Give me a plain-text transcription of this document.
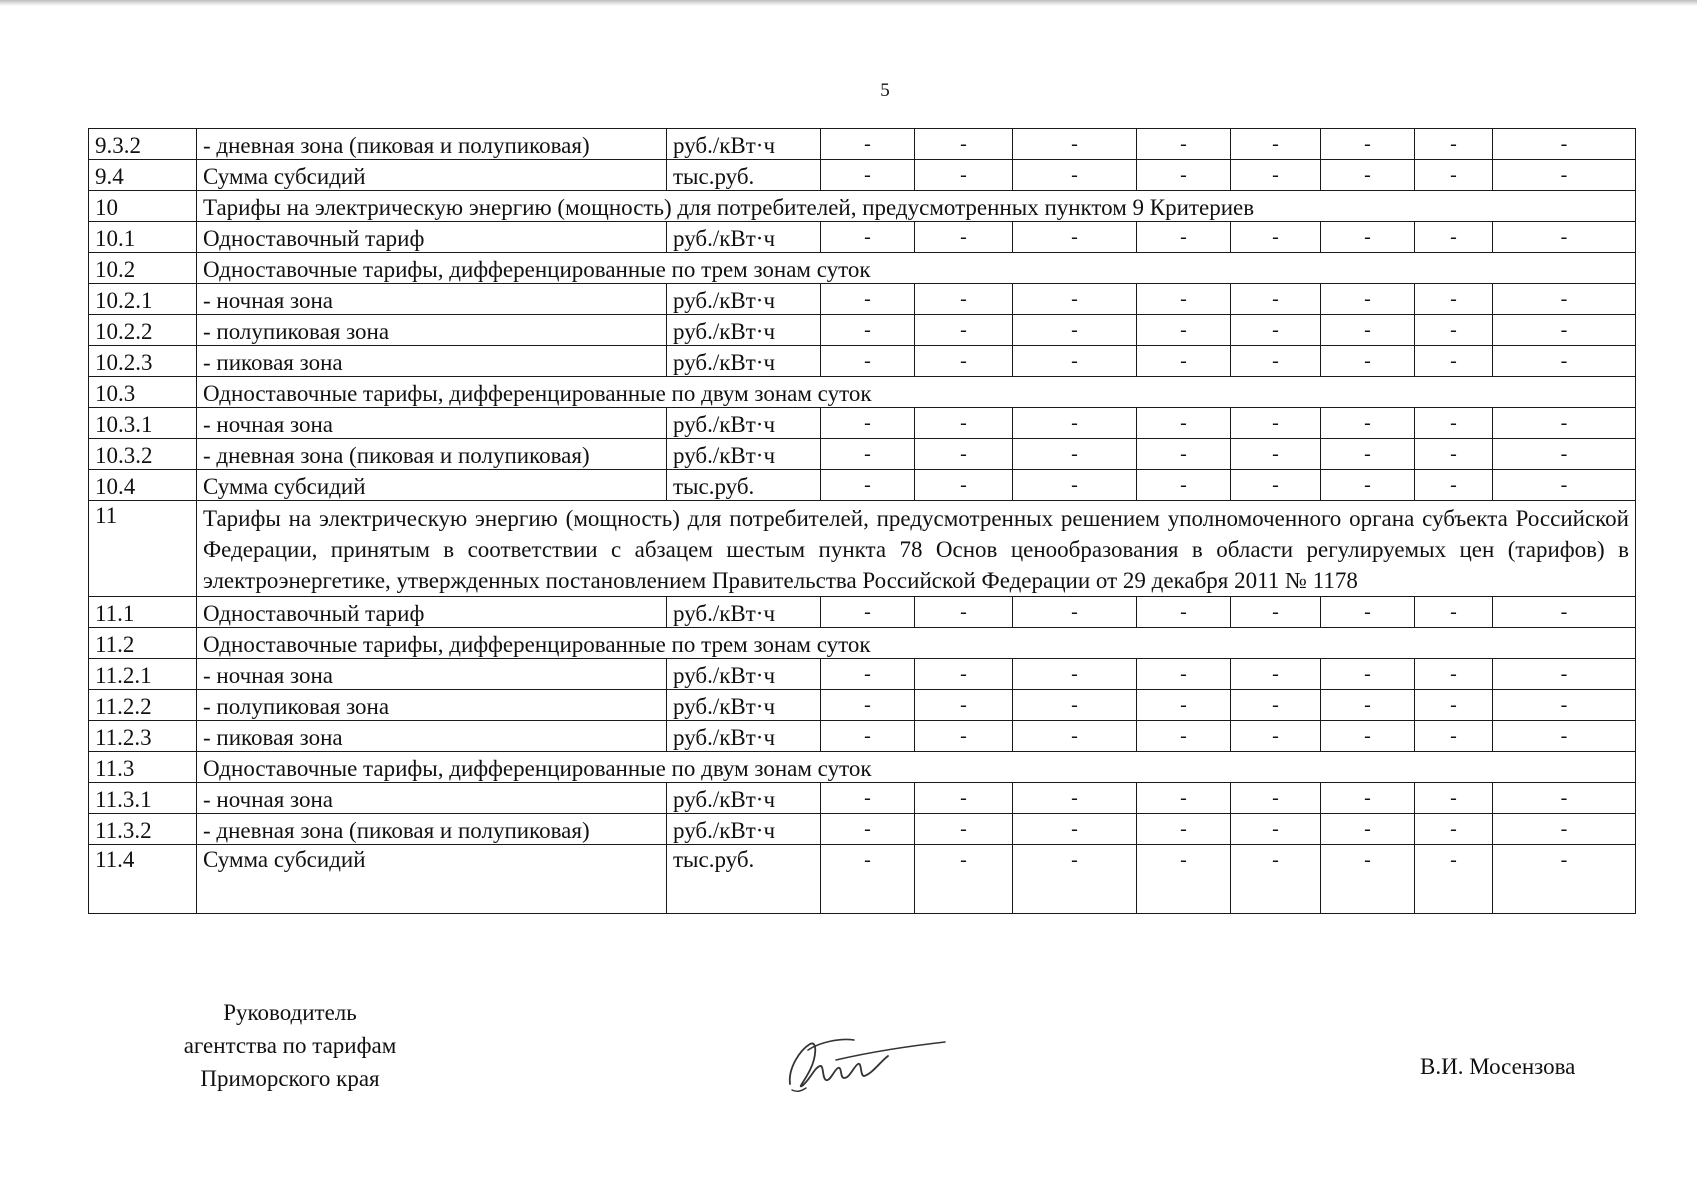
5
9.3.2	- дневная зона (пиковая и полупиковая)	руб./кВт·ч	-	-	-	-	-	-	-	-
9.4	Сумма субсидий	тыс.руб.	-	-	-	-	-	-	-	-
10	Тарифы на электрическую энергию (мощность) для потребителей, предусмотренных пунктом 9 Критериев									
10.1	Одноставочный тариф	руб./кВт·ч	-	-	-	-	-	-	-	-
10.2	Одноставочные тарифы, дифференцированные по трем зонам суток									
10.2.1	- ночная зона	руб./кВт·ч	-	-	-	-	-	-	-	-
10.2.2	- полупиковая зона	руб./кВт·ч	-	-	-	-	-	-	-	-
10.2.3	- пиковая зона	руб./кВт·ч	-	-	-	-	-	-	-	-
10.3	Одноставочные тарифы, дифференцированные по двум зонам суток									
10.3.1	- ночная зона	руб./кВт·ч	-	-	-	-	-	-	-	-
10.3.2	- дневная зона (пиковая и полупиковая)	руб./кВт·ч	-	-	-	-	-	-	-	-
10.4	Сумма субсидий	тыс.руб.	-	-	-	-	-	-	-	-
11	Тарифы на электрическую энергию (мощность) для потребителей, предусмотренных решением уполномоченного органа субъекта Российской Федерации, принятым в соответствии с абзацем шестым пункта 78 Основ ценообразования в области регулируемых цен (тарифов) в электроэнергетике, утвержденных постановлением Правительства Российской Федерации от 29 декабря 2011 № 1178									
11.1	Одноставочный тариф	руб./кВт·ч	-	-	-	-	-	-	-	-
11.2	Одноставочные тарифы, дифференцированные по трем зонам суток									
11.2.1	- ночная зона	руб./кВт·ч	-	-	-	-	-	-	-	-
11.2.2	- полупиковая зона	руб./кВт·ч	-	-	-	-	-	-	-	-
11.2.3	- пиковая зона	руб./кВт·ч	-	-	-	-	-	-	-	-
11.3	Одноставочные тарифы, дифференцированные по двум зонам суток									
11.3.1	- ночная зона	руб./кВт·ч	-	-	-	-	-	-	-	-
11.3.2	- дневная зона (пиковая и полупиковая)	руб./кВт·ч	-	-	-	-	-	-	-	-
11.4	Сумма субсидий	тыс.руб.	-	-	-	-	-	-	-	-
Руководитель
агентства по тарифам
Приморского края	В.И. Мосензова
